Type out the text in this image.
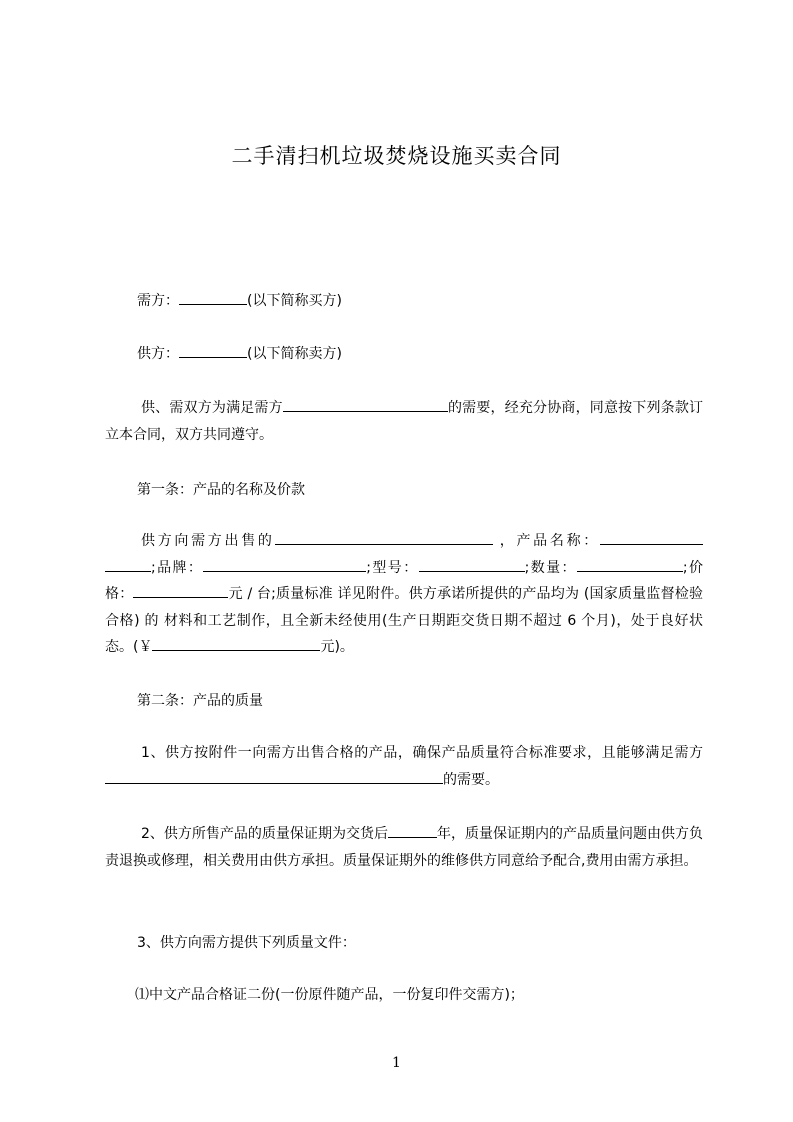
二手清扫机垃圾焚烧设施买卖合同
需方：	(以下简称买方)
供方：	(以下简称卖方)
供、需双方为满足需方	的需要，经充分协商，同意按下列条款订立本合同，双方共同遵守。
第一条：产品的名称及价款
供方向需方出售的	，产品名称：;品牌：	;型号：	;数量：	;价格：	元 / 台;质量标准 详见附件。供方承诺所提供的产品均为 (国家质量监督检验合格) 的 材料和工艺制作，且全新未经使用(生产日期距交货日期不超过 6 个月)，处于良好状态。(￥	元)。
第二条：产品的质量
1、供方按附件一向需方出售合格的产品，确保产品质量符合标准要求，且能够满足需方的需要。
2、供方所售产品的质量保证期为交货后	年，质量保证期内的产品质量问题由供方负责退换或修理，相关费用由供方承担。质量保证期外的维修供方同意给予配合,费用由需方承担。
3、供方向需方提供下列质量文件：
⑴中文产品合格证二份(一份原件随产品，一份复印件交需方)；
1
